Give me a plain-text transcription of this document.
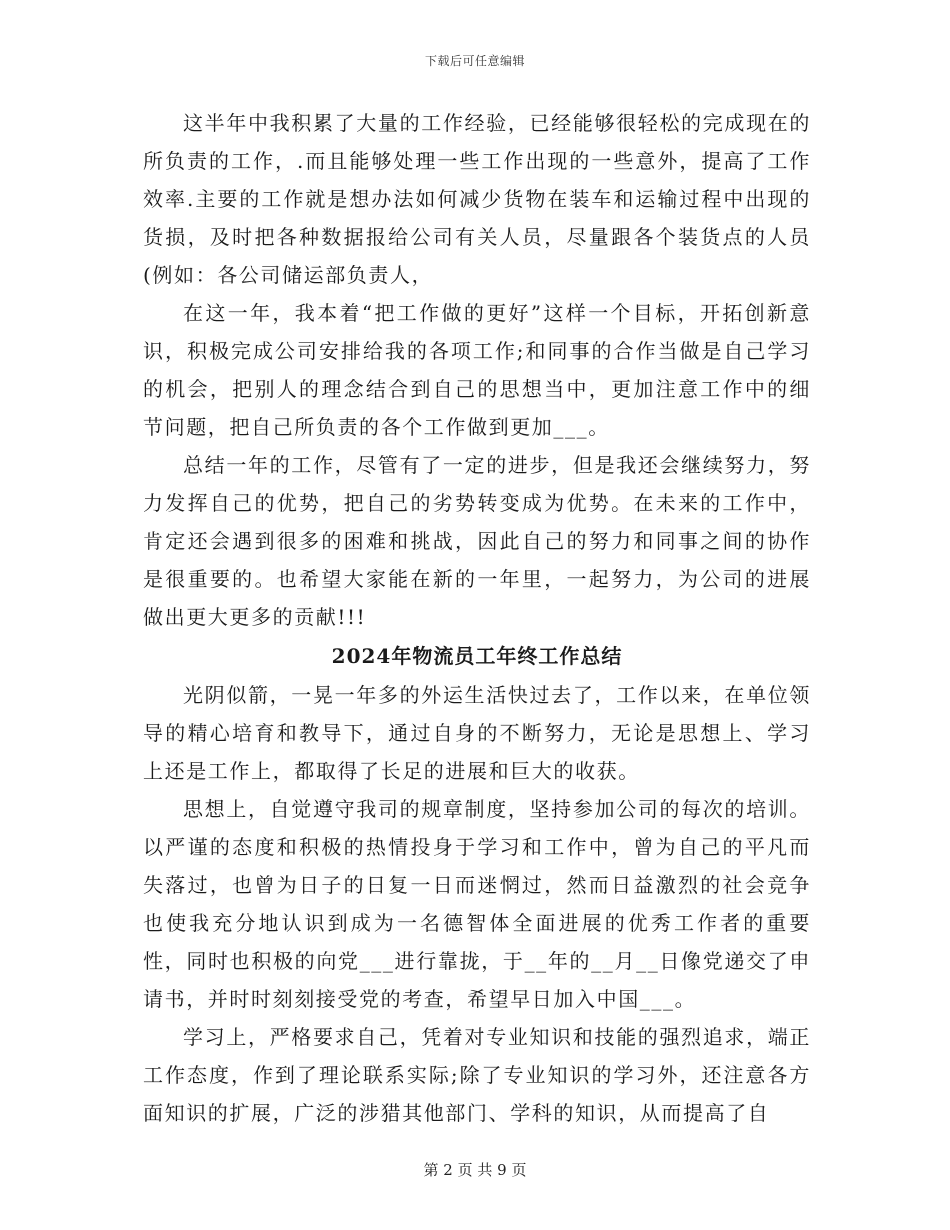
下载后可任意编辑

这半年中我积累了大量的工作经验，已经能够很轻松的完成现在的所负责的工作，.而且能够处理一些工作出现的一些意外，提高了工作效率.主要的工作就是想办法如何减少货物在装车和运输过程中出现的货损，及时把各种数据报给公司有关人员，尽量跟各个装货点的人员(例如：各公司储运部负责人，

在这一年，我本着“把工作做的更好”这样一个目标，开拓创新意识，积极完成公司安排给我的各项工作;和同事的合作当做是自己学习的机会，把别人的理念结合到自己的思想当中，更加注意工作中的细节问题，把自己所负责的各个工作做到更加___。

总结一年的工作，尽管有了一定的进步，但是我还会继续努力，努力发挥自己的优势，把自己的劣势转变成为优势。在未来的工作中，肯定还会遇到很多的困难和挑战，因此自己的努力和同事之间的协作是很重要的。也希望大家能在新的一年里，一起努力，为公司的进展做出更大更多的贡献!!!

2024年物流员工年终工作总结

光阴似箭，一晃一年多的外运生活快过去了，工作以来，在单位领导的精心培育和教导下，通过自身的不断努力，无论是思想上、学习上还是工作上，都取得了长足的进展和巨大的收获。

思想上，自觉遵守我司的规章制度，坚持参加公司的每次的培训。以严谨的态度和积极的热情投身于学习和工作中，曾为自己的平凡而失落过，也曾为日子的日复一日而迷惘过，然而日益激烈的社会竞争也使我充分地认识到成为一名德智体全面进展的优秀工作者的重要性，同时也积极的向党___进行靠拢，于__年的__月__日像党递交了申请书，并时时刻刻接受党的考查，希望早日加入中国___。

学习上，严格要求自己，凭着对专业知识和技能的强烈追求，端正工作态度，作到了理论联系实际;除了专业知识的学习外，还注意各方面知识的扩展，广泛的涉猎其他部门、学科的知识，从而提高了自

第 2 页 共 9 页
